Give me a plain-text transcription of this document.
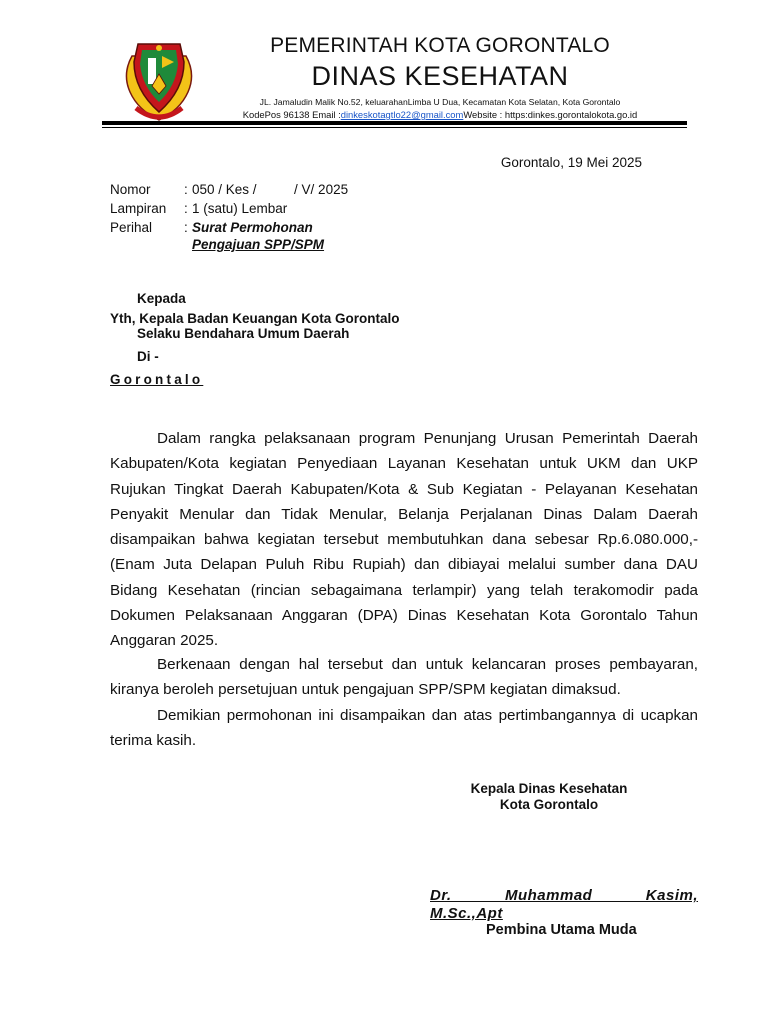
PEMERINTAH KOTA GORONTALO
DINAS KESEHATAN
JL. Jamaludin Malik No.52, keluarahanLimba U Dua, Kecamatan Kota Selatan, Kota Gorontalo
KodePos 96138 Email :dinkeskotagtlo22@gmail.comWebsite : https:dinkes.gorontalokota.go.id
Gorontalo, 19 Mei 2025
Nomor : 050 / Kes /          / V/ 2025
Lampiran : 1 (satu) Lembar
Perihal : Surat Permohonan
Pengajuan SPP/SPM
Kepada
Yth, Kepala Badan Keuangan Kota Gorontalo
Selaku Bendahara Umum Daerah
Di -
Gorontalo
Dalam rangka pelaksanaan program Penunjang Urusan Pemerintah Daerah Kabupaten/Kota kegiatan Penyediaan Layanan Kesehatan untuk UKM dan UKP Rujukan Tingkat Daerah Kabupaten/Kota & Sub Kegiatan - Pelayanan Kesehatan Penyakit Menular dan Tidak Menular, Belanja Perjalanan Dinas Dalam Daerah disampaikan bahwa kegiatan tersebut membutuhkan dana sebesar Rp.6.080.000,- (Enam Juta Delapan Puluh Ribu Rupiah) dan dibiayai melalui sumber dana DAU Bidang Kesehatan (rincian sebagaimana terlampir) yang telah terakomodir pada Dokumen Pelaksanaan Anggaran (DPA) Dinas Kesehatan Kota Gorontalo Tahun Anggaran 2025.
Berkenaan dengan hal tersebut dan untuk kelancaran proses pembayaran, kiranya beroleh persetujuan untuk pengajuan SPP/SPM kegiatan dimaksud.
Demikian permohonan ini disampaikan dan atas pertimbangannya di ucapkan terima kasih.
Kepala Dinas Kesehatan
Kota Gorontalo
Dr. Muhammad Kasim,
M.Sc.,Apt
Pembina Utama Muda
